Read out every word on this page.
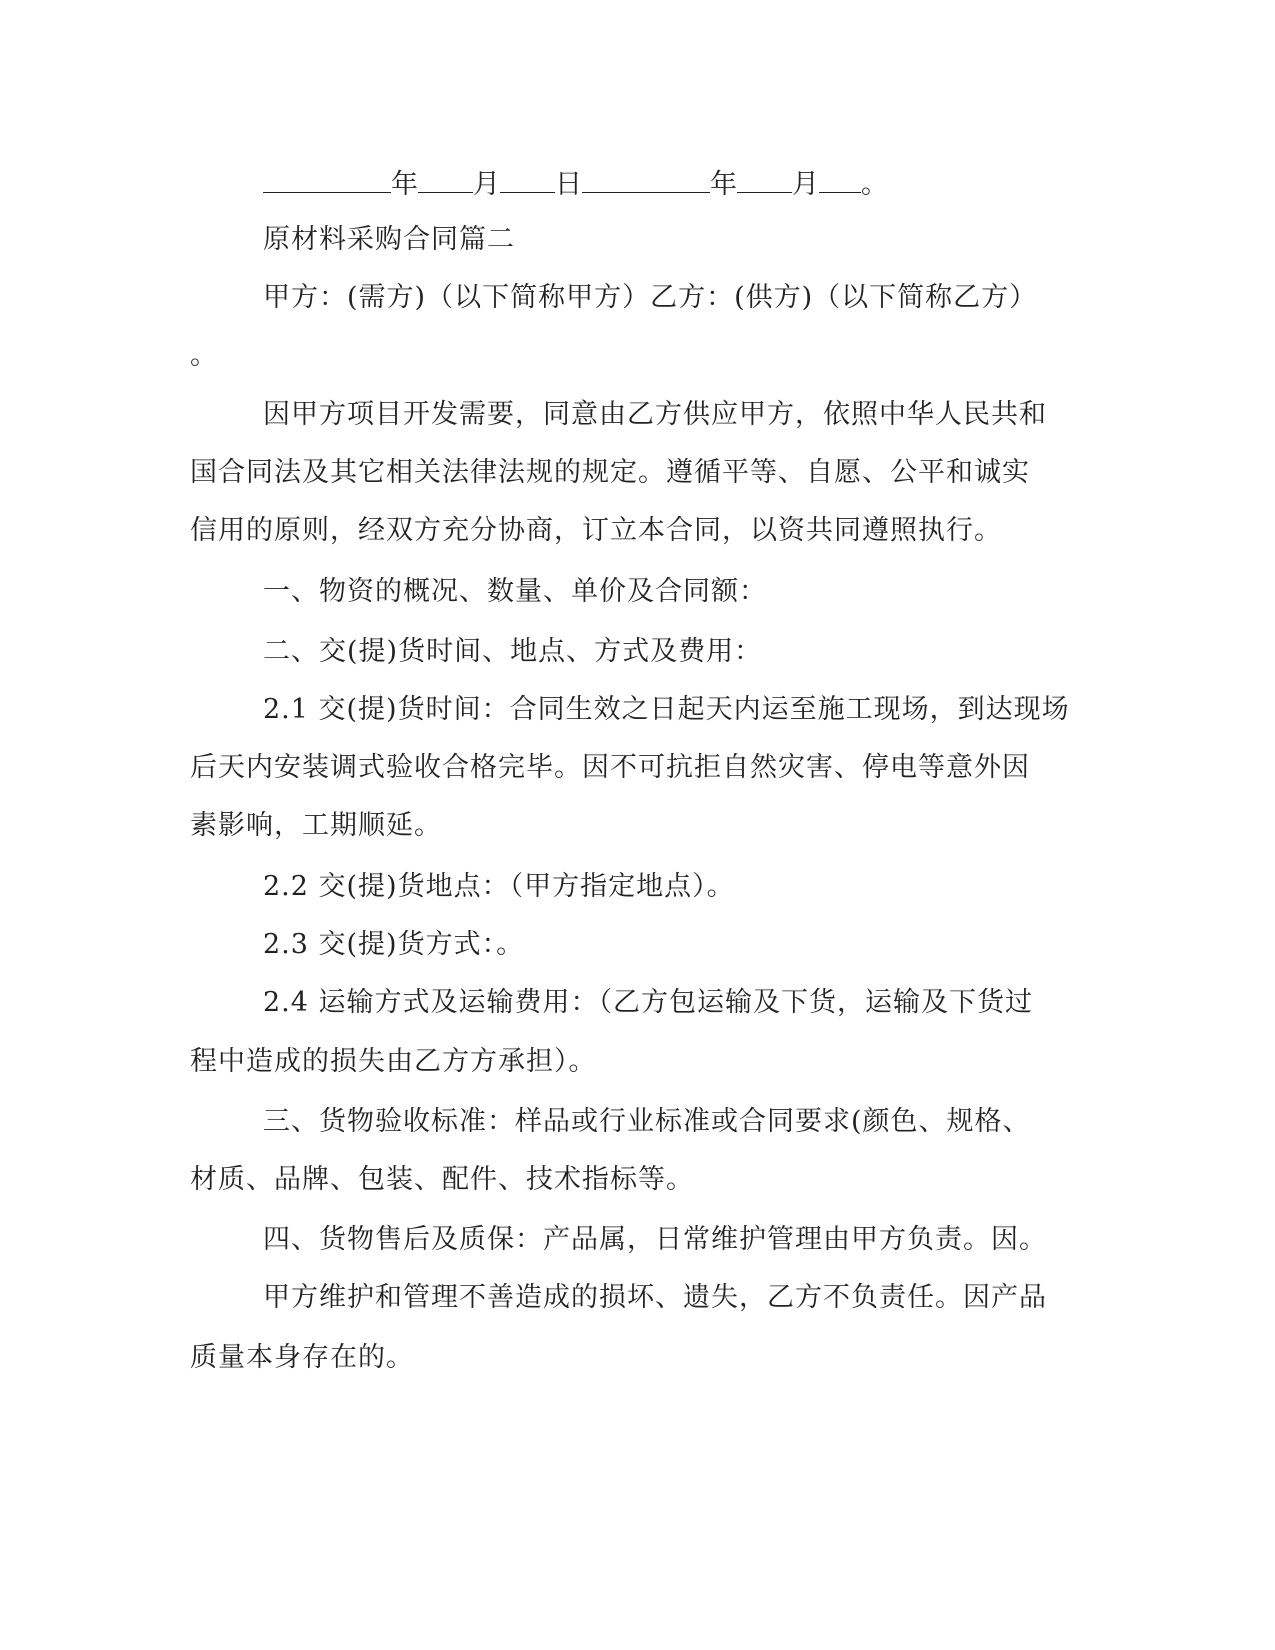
年 月 日	年 月 。
原材料采购合同篇二
甲方：(需方)（以下简称甲方）乙方：(供方)（以下简称乙方）
。
因甲方项目开发需要，同意由乙方供应甲方，依照中华人民共和
国合同法及其它相关法律法规的规定。遵循平等、自愿、公平和诚实
信用的原则，经双方充分协商，订立本合同，以资共同遵照执行。
一、物资的概况、数量、单价及合同额：
二、交(提)货时间、地点、方式及费用：
2.1 交(提)货时间：合同生效之日起天内运至施工现场，到达现场
后天内安装调式验收合格完毕。因不可抗拒自然灾害、停电等意外因
素影响，工期顺延。
2.2 交(提)货地点：（甲方指定地点）。
2.3 交(提)货方式：。
2.4 运输方式及运输费用：（乙方包运输及下货，运输及下货过
程中造成的损失由乙方方承担）。
三、货物验收标准：样品或行业标准或合同要求(颜色、规格、
材质、品牌、包装、配件、技术指标等。
四、货物售后及质保：产品属，日常维护管理由甲方负责。因。
甲方维护和管理不善造成的损坏、遗失，乙方不负责任。因产品
质量本身存在的。
